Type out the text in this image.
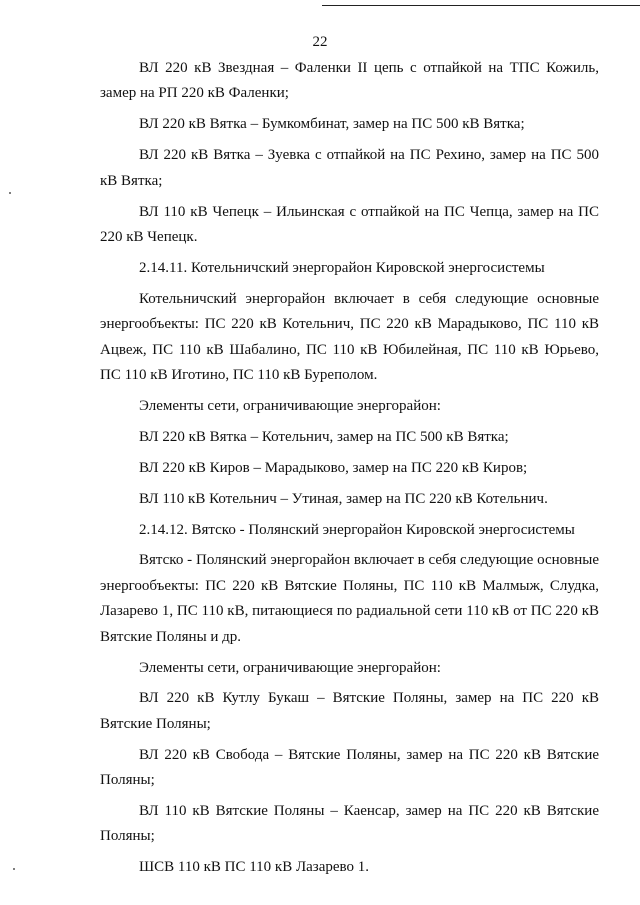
22

ВЛ 220 кВ Звездная – Фаленки II цепь с отпайкой на ТПС Кожиль, замер на РП 220 кВ Фаленки;

ВЛ 220 кВ Вятка – Бумкомбинат, замер на ПС 500 кВ Вятка;

ВЛ 220 кВ Вятка – Зуевка с отпайкой на ПС Рехино, замер на ПС 500 кВ Вятка;

ВЛ 110 кВ Чепецк – Ильинская с отпайкой на ПС Чепца, замер на ПС 220 кВ Чепецк.

2.14.11. Котельничский энергорайон Кировской энергосистемы

Котельничский энергорайон включает в себя следующие основные энергообъекты: ПС 220 кВ Котельнич, ПС 220 кВ Марадыково, ПС 110 кВ Ацвеж, ПС 110 кВ Шабалино, ПС 110 кВ Юбилейная, ПС 110 кВ Юрьево, ПС 110 кВ Иготино, ПС 110 кВ Бурeполом.

Элементы сети, ограничивающие энергорайон:

ВЛ 220 кВ Вятка – Котельнич, замер на ПС 500 кВ Вятка;

ВЛ 220 кВ Киров – Марадыково, замер на ПС 220 кВ Киров;

ВЛ 110 кВ Котельнич – Утиная, замер на ПС 220 кВ Котельнич.

2.14.12. Вятско - Полянский энергорайон Кировской энергосистемы

Вятско - Полянский энергорайон включает в себя следующие основные энергообъекты: ПС 220 кВ Вятские Поляны, ПС 110 кВ Малмыж, Слудка, Лазарево 1, ПС 110 кВ, питающиеся по радиальной сети 110 кВ от ПС 220 кВ Вятские Поляны и др.

Элементы сети, ограничивающие энергорайон:

ВЛ 220 кВ Кутлу Букаш – Вятские Поляны, замер на ПС 220 кВ Вятские Поляны;

ВЛ 220 кВ Свобода – Вятские Поляны, замер на ПС 220 кВ Вятские Поляны;

ВЛ 110 кВ Вятские Поляны – Каенсар, замер на ПС 220 кВ Вятские Поляны;

ШСВ 110 кВ ПС 110 кВ Лазарево 1.
